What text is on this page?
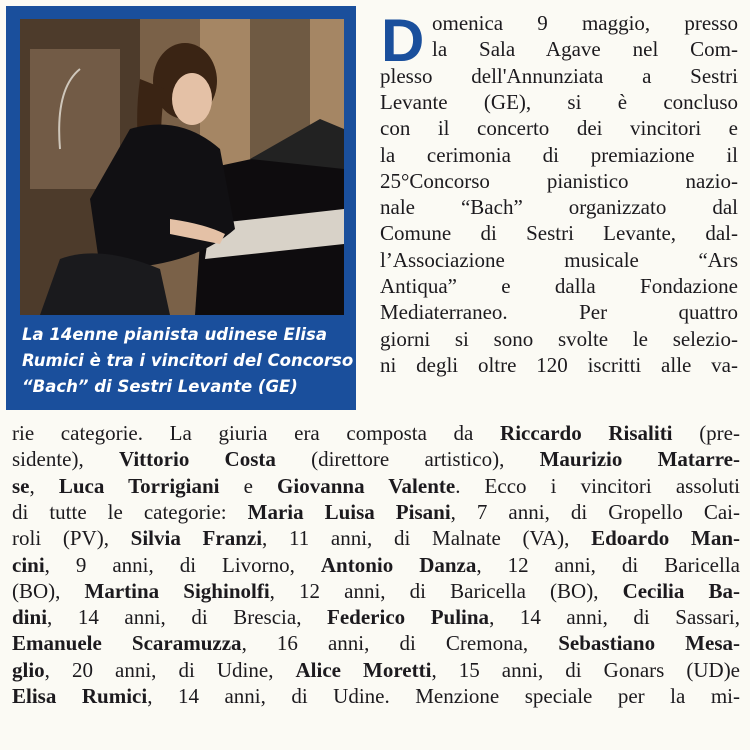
La 14enne pianista udinese Elisa
Rumici è tra i vincitori del Concorso
“Bach” di Sestri Levante (GE)
D omenica 9 maggio, presso
la Sala Agave nel Com-
plesso dell'Annunziata a Sestri
Levante (GE), si è concluso
con il concerto dei vincitori e
la cerimonia di premiazione il
25°Concorso pianistico nazio-
nale “Bach” organizzato dal
Comune di Sestri Levante, dal-
l’Associazione musicale “Ars
Antiqua” e dalla Fondazione
Mediaterraneo. Per quattro
giorni si sono svolte le selezio-
ni degli oltre 120 iscritti alle va-
rie categorie. La giuria era composta da Riccardo Risaliti (pre-
sidente), Vittorio Costa (direttore artistico), Maurizio Matarre-
se, Luca Torrigiani e Giovanna Valente. Ecco i vincitori assoluti
di tutte le categorie: Maria Luisa Pisani, 7 anni, di Gropello Cai-
roli (PV), Silvia Franzi, 11 anni, di Malnate (VA), Edoardo Man-
cini, 9 anni, di Livorno, Antonio Danza, 12 anni, di Baricella
(BO), Martina Sighinolfi, 12 anni, di Baricella (BO), Cecilia Ba-
dini, 14 anni, di Brescia, Federico Pulina, 14 anni, di Sassari,
Emanuele Scaramuzza, 16 anni, di Cremona, Sebastiano Mesa-
glio, 20 anni, di Udine, Alice Moretti, 15 anni, di Gonars (UD)e
Elisa Rumici, 14 anni, di Udine. Menzione speciale per la mi-
